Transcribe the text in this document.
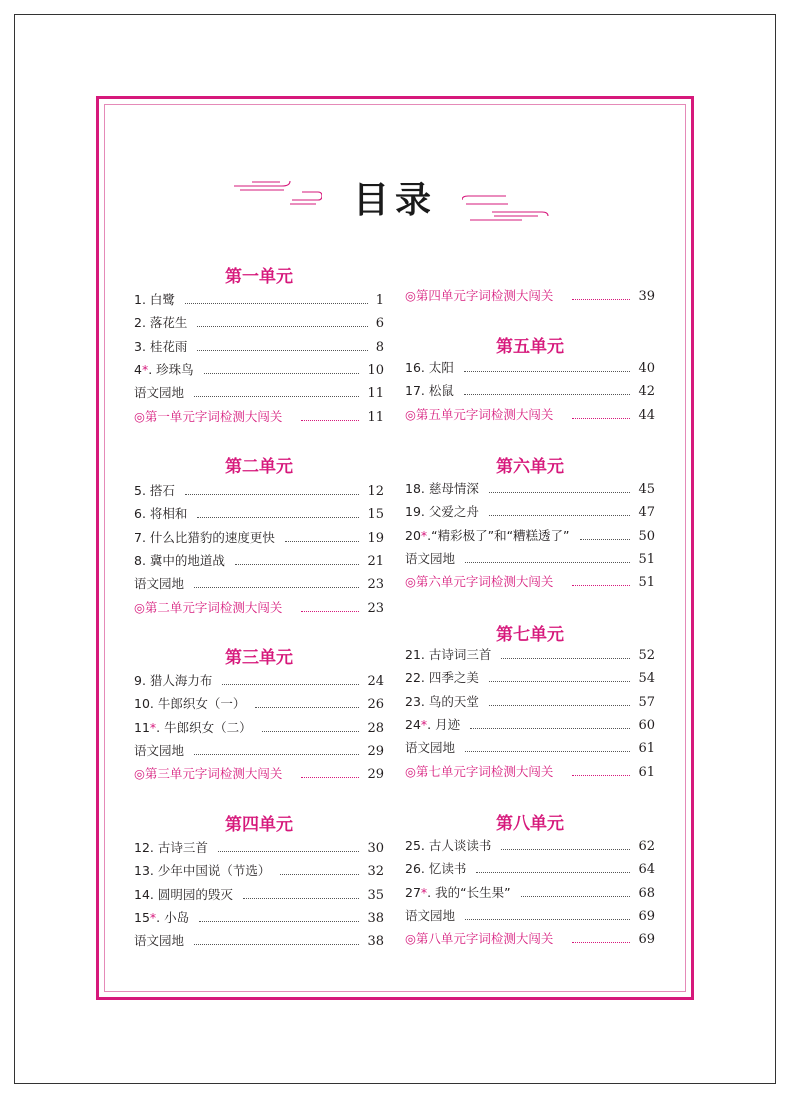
目录
第一单元
1. 白鹭	1
2. 落花生	6
3. 桂花雨	8
4*. 珍珠鸟	10
语文园地	11
◎第一单元字词检测大闯关	11
第二单元
5. 搭石	12
6. 将相和	15
7. 什么比猎豹的速度更快	19
8. 冀中的地道战	21
语文园地	23
◎第二单元字词检测大闯关	23
第三单元
9. 猎人海力布	24
10. 牛郎织女（一）	26
11*. 牛郎织女（二）	28
语文园地	29
◎第三单元字词检测大闯关	29
第四单元
12. 古诗三首	30
13. 少年中国说（节选）	32
14. 圆明园的毁灭	35
15*. 小岛	38
语文园地	38
◎第四单元字词检测大闯关	39
第五单元
16. 太阳	40
17. 松鼠	42
◎第五单元字词检测大闯关	44
第六单元
18. 慈母情深	45
19. 父爱之舟	47
20*.“精彩极了”和“糟糕透了”	50
语文园地	51
◎第六单元字词检测大闯关	51
第七单元
21. 古诗词三首	52
22. 四季之美	54
23. 鸟的天堂	57
24*. 月迹	60
语文园地	61
◎第七单元字词检测大闯关	61
第八单元
25. 古人谈读书	62
26. 忆读书	64
27*. 我的“长生果”	68
语文园地	69
◎第八单元字词检测大闯关	69
